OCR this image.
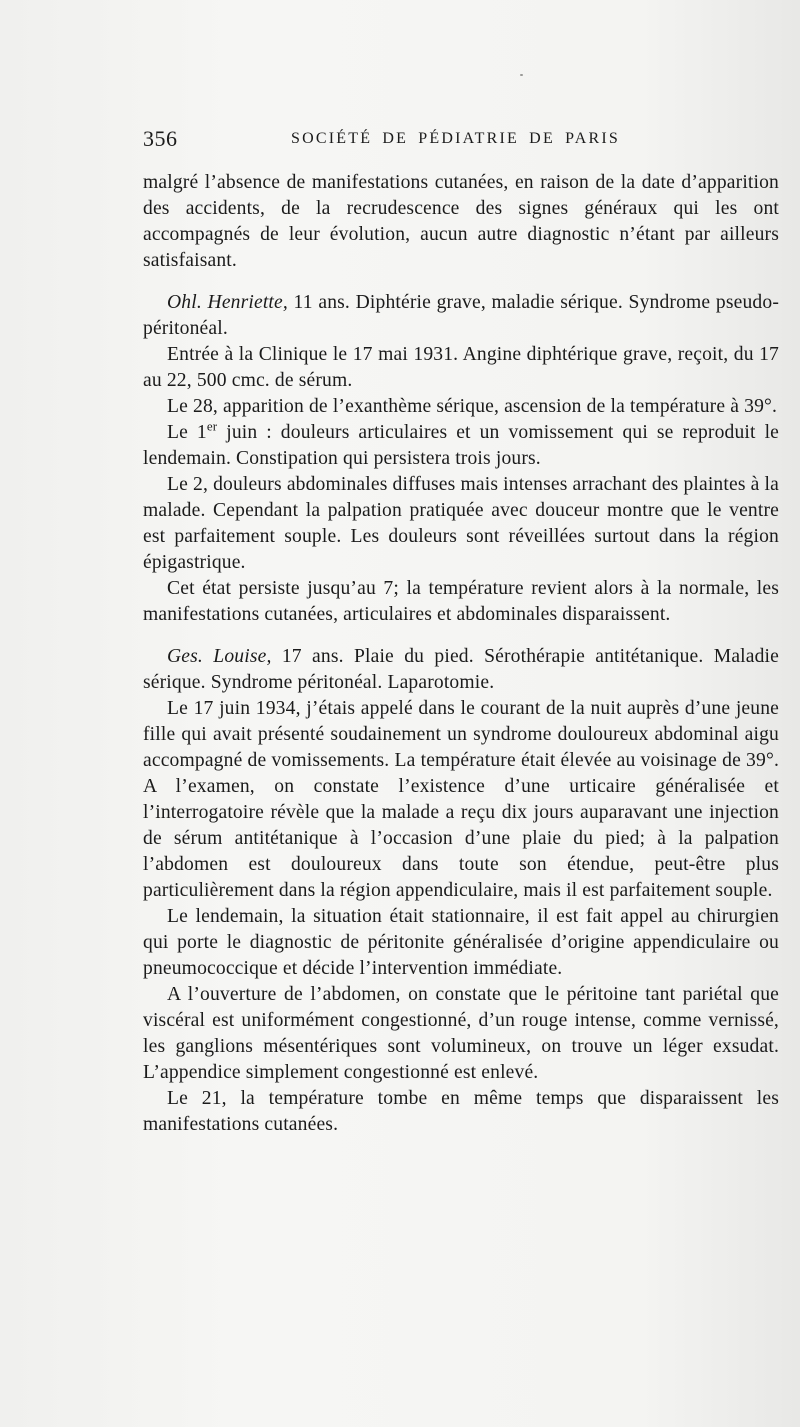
356	SOCIÉTÉ DE PÉDIATRIE DE PARIS

malgré l’absence de manifestations cutanées, en raison de la date d’apparition des accidents, de la recrudescence des signes généraux qui les ont accompagnés de leur évolution, aucun autre diagnostic n’étant par ailleurs satisfaisant.

Ohl. Henriette, 11 ans. Diphtérie grave, maladie sérique. Syndrome pseudo-péritonéal.

Entrée à la Clinique le 17 mai 1931. Angine diphtérique grave, reçoit, du 17 au 22, 500 cmc. de sérum.

Le 28, apparition de l’exanthème sérique, ascension de la température à 39°.

Le 1er juin : douleurs articulaires et un vomissement qui se reproduit le lendemain. Constipation qui persistera trois jours.

Le 2, douleurs abdominales diffuses mais intenses arrachant des plaintes à la malade. Cependant la palpation pratiquée avec douceur montre que le ventre est parfaitement souple. Les douleurs sont réveillées surtout dans la région épigastrique.

Cet état persiste jusqu’au 7; la température revient alors à la normale, les manifestations cutanées, articulaires et abdominales disparaissent.

Ges. Louise, 17 ans. Plaie du pied. Sérothérapie antitétanique. Maladie sérique. Syndrome péritonéal. Laparotomie.

Le 17 juin 1934, j’étais appelé dans le courant de la nuit auprès d’une jeune fille qui avait présenté soudainement un syndrome douloureux abdominal aigu accompagné de vomissements. La température était élevée au voisinage de 39°. A l’examen, on constate l’existence d’une urticaire généralisée et l’interrogatoire révèle que la malade a reçu dix jours auparavant une injection de sérum antitétanique à l’occasion d’une plaie du pied; à la palpation l’abdomen est douloureux dans toute son étendue, peut-être plus particulièrement dans la région appendiculaire, mais il est parfaitement souple.

Le lendemain, la situation était stationnaire, il est fait appel au chirurgien qui porte le diagnostic de péritonite généralisée d’origine appendiculaire ou pneumococcique et décide l’intervention immédiate.

A l’ouverture de l’abdomen, on constate que le péritoine tant pariétal que viscéral est uniformément congestionné, d’un rouge intense, comme vernissé, les ganglions mésentériques sont volumineux, on trouve un léger exsudat. L’appendice simplement congestionné est enlevé.

Le 21, la température tombe en même temps que disparaissent les manifestations cutanées.
